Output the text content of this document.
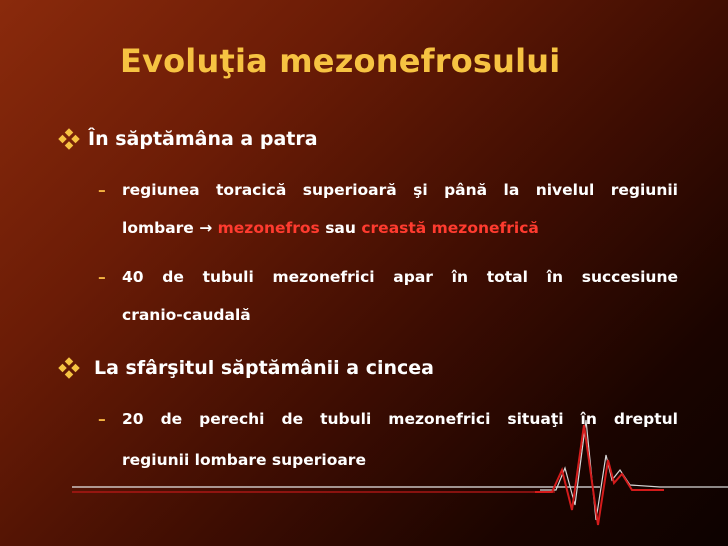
Evoluţia mezonefrosului
În săptămâna a patra
– regiunea toracică superioară şi până la nivelul regiunii
lombare → mezonefros sau creastă mezonefrică
– 40 de tubuli mezonefrici apar în total în succesiune
cranio-caudală
La sfârşitul săptămânii a cincea
– 20 de perechi de tubuli mezonefrici situaţi în dreptul
regiunii lombare superioare
